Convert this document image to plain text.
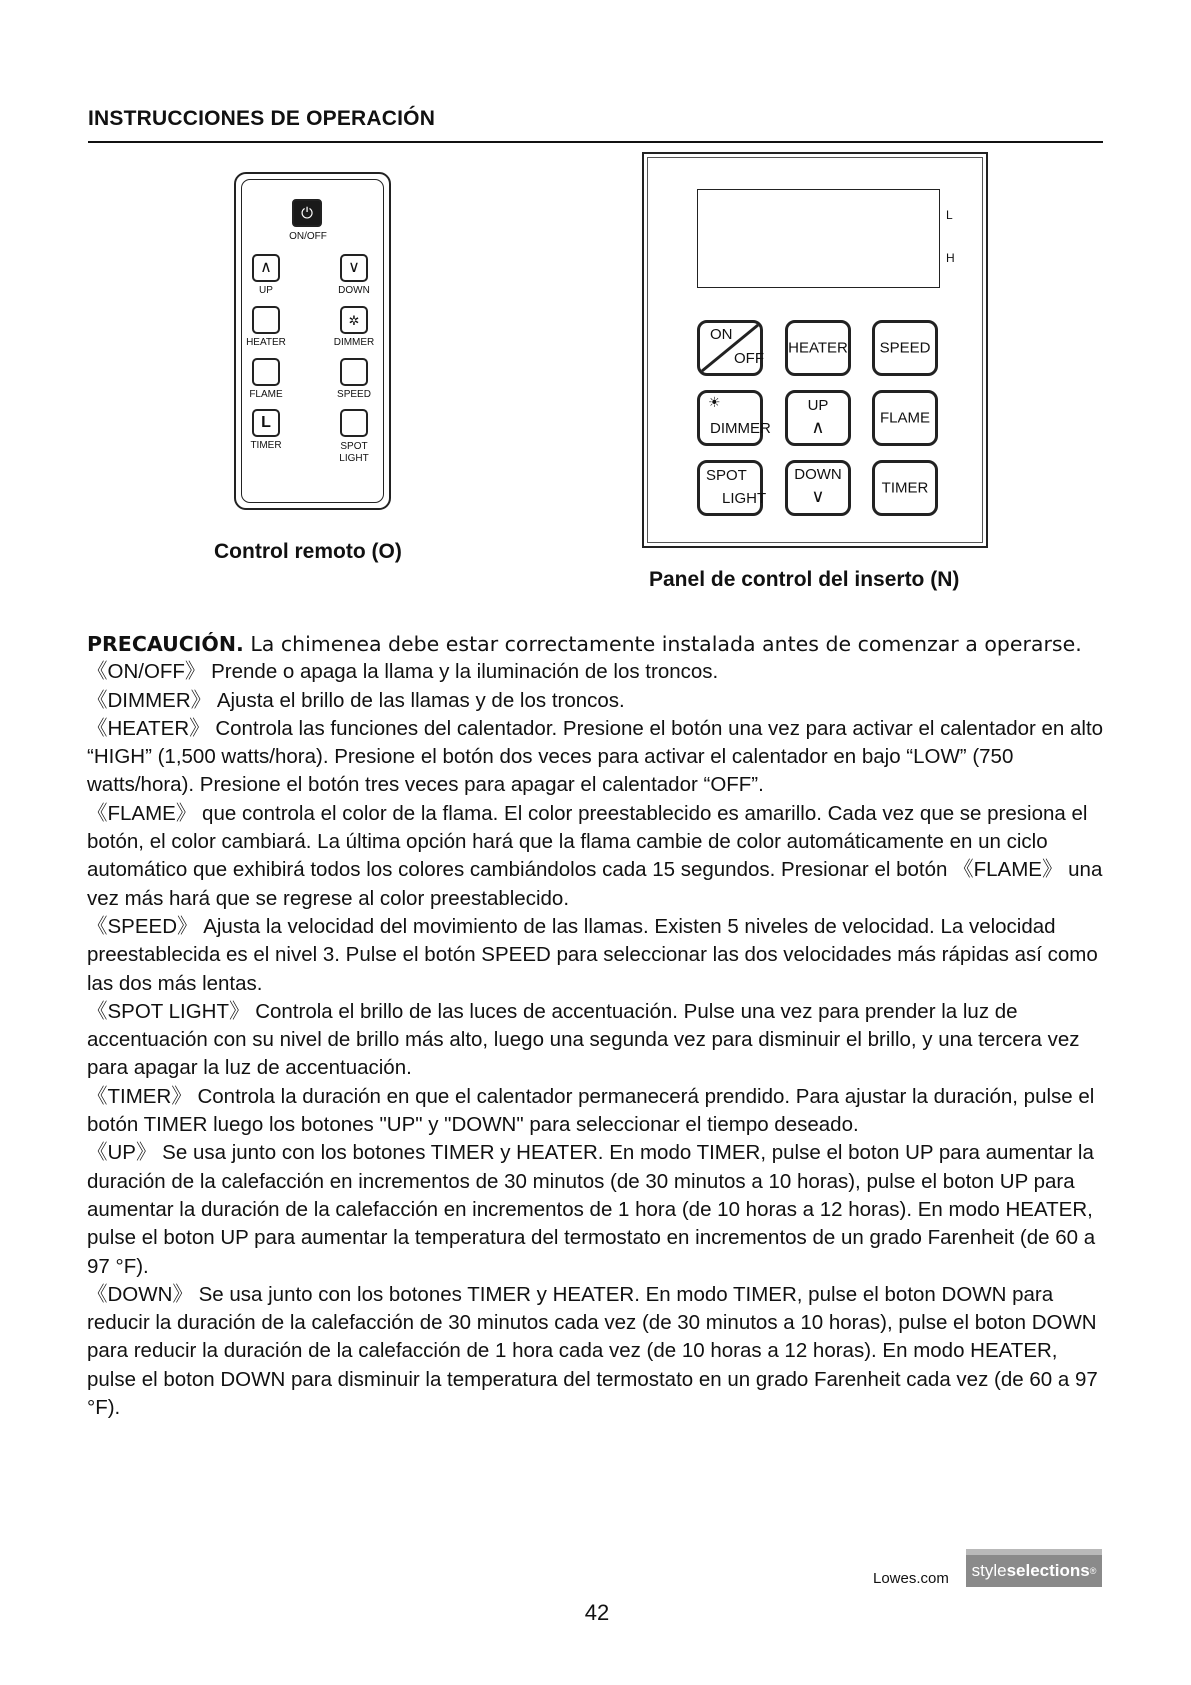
INSTRUCCIONES DE OPERACIÓN
⏻
ON/OFF
∧
UP
∨
DOWN
HEATER
✲
DIMMER
FLAME	SPEED
L
TIMER	SPOT
LIGHT
Control remoto (O)
L
H
ON
OFF
HEATER	SPEED
☀
DIMMER
UP
∧	FLAME
SPOT
LIGHT
DOWN
∨	TIMER
Panel de control del inserto (N)

PRECAUCIÓN. La chimenea debe estar correctamente instalada antes de comenzar a operarse.

《ON/OFF》 Prende o apaga la llama y la iluminación de los troncos.

《DIMMER》 Ajusta el brillo de las llamas y de los troncos.

《HEATER》 Controla las funciones del calentador. Presione el botón una vez para activar el calentador en alto “HIGH” (1,500 watts/hora). Presione el botón dos veces para activar el calentador en bajo “LOW” (750 watts/hora). Presione el botón tres veces para apagar el calentador “OFF”.

《FLAME》 que controla el color de la flama. El color preestablecido es amarillo. Cada vez que se presiona el botón, el color cambiará. La última opción hará que la flama cambie de color automáticamente en un ciclo automático que exhibirá todos los colores cambiándolos cada 15 segundos. Presionar el botón 《FLAME》 una vez más hará que se regrese al color preestablecido.

《SPEED》 Ajusta la velocidad del movimiento de las llamas. Existen 5 niveles de velocidad. La velocidad preestablecida es el nivel 3. Pulse el botón SPEED para seleccionar las dos velocidades más rápidas así como las dos más lentas.

《SPOT LIGHT》 Controla el brillo de las luces de accentuación. Pulse una vez para prender la luz de accentuación con su nivel de brillo más alto, luego una segunda vez para disminuir el brillo, y una tercera vez para apagar la luz de accentuación.

《TIMER》 Controla la duración en que el calentador permanecerá prendido. Para ajustar la duración, pulse el botón TIMER luego los botones "UP" y "DOWN" para seleccionar el tiempo deseado.

《UP》 Se usa junto con los botones TIMER y HEATER. En modo TIMER, pulse el boton UP para aumentar la duración de la calefacción en incrementos de 30 minutos (de 30 minutos a 10 horas), pulse el boton UP para aumentar la duración de la calefacción en incrementos de 1 hora (de 10 horas a 12 horas). En modo HEATER, pulse el boton UP para aumentar la temperatura del termostato en incrementos de un grado Farenheit (de 60 a 97 °F).

《DOWN》 Se usa junto con los botones TIMER y HEATER. En modo TIMER, pulse el boton DOWN para reducir la duración de la calefacción de 30 minutos cada vez (de 30 minutos a 10 horas), pulse el boton DOWN para reducir la duración de la calefacción de 1 hora cada vez (de 10 horas a 12 horas). En modo HEATER, pulse el boton DOWN para disminuir la temperatura del termostato en un grado Farenheit cada vez (de 60 a 97 °F).

Lowes.com style selections ®
42
